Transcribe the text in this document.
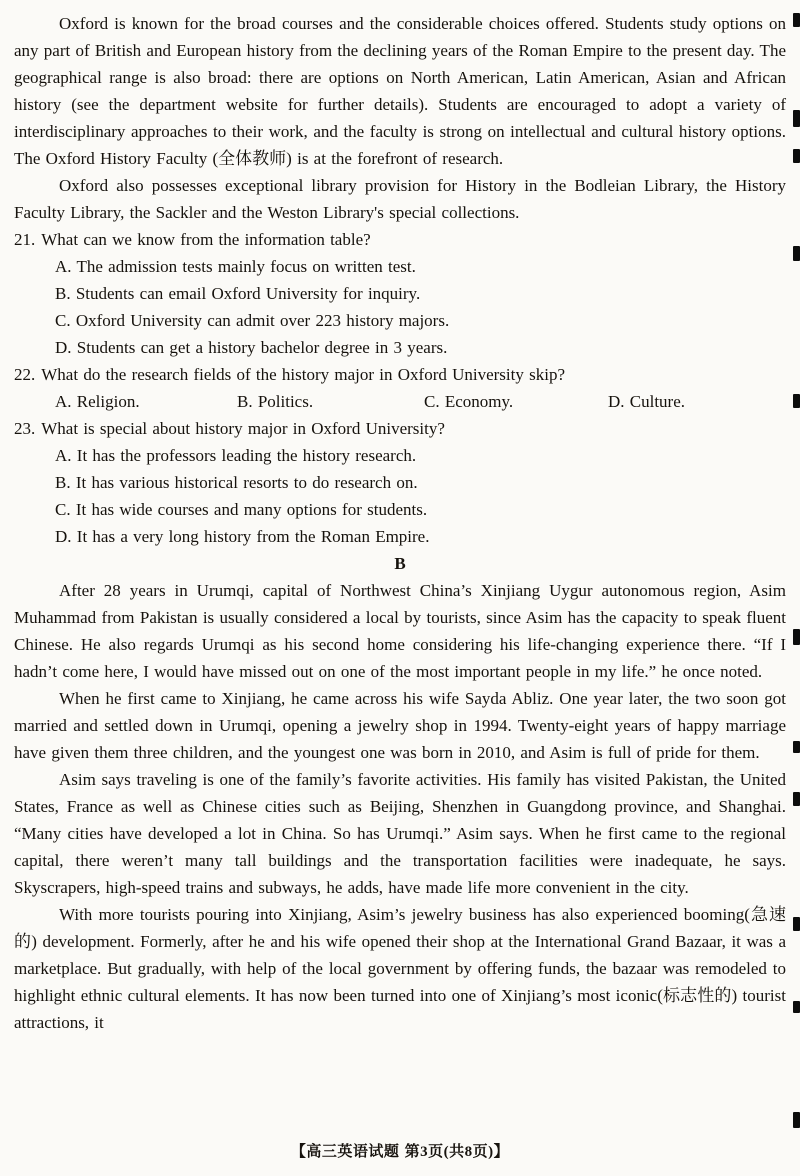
Oxford is known for the broad courses and the considerable choices offered. Students study options on any part of British and European history from the declining years of the Roman Empire to the present day. The geographical range is also broad: there are options on North American, Latin American, Asian and African history (see the department website for further details). Students are encouraged to adopt a variety of interdisciplinary approaches to their work, and the faculty is strong on intellectual and cultural history options. The Oxford History Faculty (全体教师) is at the forefront of research.

Oxford also possesses exceptional library provision for History in the Bodleian Library, the History Faculty Library, the Sackler and the Weston Library's special collections.

21. What can we know from the information table?

A. The admission tests mainly focus on written test.

B. Students can email Oxford University for inquiry.

C. Oxford University can admit over 223 history majors.

D. Students can get a history bachelor degree in 3 years.

22. What do the research fields of the history major in Oxford University skip?

A. Religion.	B. Politics.	C. Economy.	D. Culture.

23. What is special about history major in Oxford University?

A. It has the professors leading the history research.

B. It has various historical resorts to do research on.

C. It has wide courses and many options for students.

D. It has a very long history from the Roman Empire.

B

After 28 years in Urumqi, capital of Northwest China’s Xinjiang Uygur autonomous region, Asim Muhammad from Pakistan is usually considered a local by tourists, since Asim has the capacity to speak fluent Chinese. He also regards Urumqi as his second home considering his life-changing experience there. “If I hadn’t come here, I would have missed out on one of the most important people in my life.” he once noted.

When he first came to Xinjiang, he came across his wife Sayda Abliz. One year later, the two soon got married and settled down in Urumqi, opening a jewelry shop in 1994. Twenty-eight years of happy marriage have given them three children, and the youngest one was born in 2010, and Asim is full of pride for them.

Asim says traveling is one of the family’s favorite activities. His family has visited Pakistan, the United States, France as well as Chinese cities such as Beijing, Shenzhen in Guangdong province, and Shanghai. “Many cities have developed a lot in China. So has Urumqi.” Asim says. When he first came to the regional capital, there weren’t many tall buildings and the transportation facilities were inadequate, he says. Skyscrapers, high-speed trains and subways, he adds, have made life more convenient in the city.

With more tourists pouring into Xinjiang, Asim’s jewelry business has also experienced booming(急速的) development. Formerly, after he and his wife opened their shop at the International Grand Bazaar, it was a marketplace. But gradually, with help of the local government by offering funds, the bazaar was remodeled to highlight ethnic cultural elements. It has now been turned into one of Xinjiang’s most iconic(标志性的) tourist attractions, it

【高三英语试题 第3页(共8页)】
